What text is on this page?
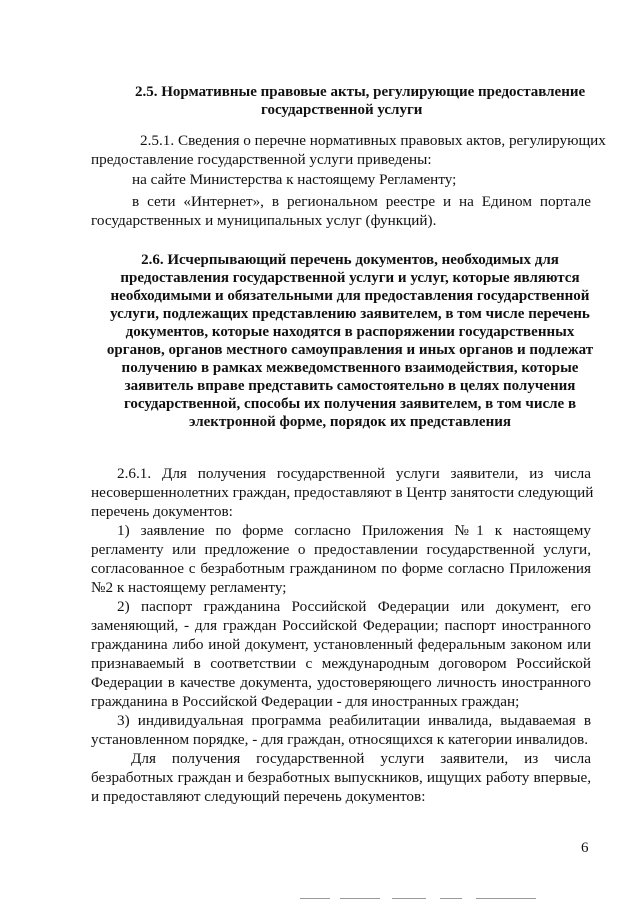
2.5. Нормативные правовые акты, регулирующие предоставление
государственной услуги
2.5.1. Сведения о перечне нормативных правовых актов, регулирующих
предоставление государственной услуги приведены:
на сайте Министерства к настоящему Регламенту;
в сети «Интернет», в региональном реестре и на Едином портале
государственных и муниципальных услуг (функций).
2.6. Исчерпывающий перечень документов, необходимых для
предоставления государственной услуги и услуг, которые являются
необходимыми и обязательными для предоставления государственной
услуги, подлежащих представлению заявителем, в том числе перечень
документов, которые находятся в распоряжении государственных
органов, органов местного самоуправления и иных органов и подлежат
получению в рамках межведомственного взаимодействия, которые
заявитель вправе представить самостоятельно в целях получения
государственной, способы их получения заявителем, в том числе в
электронной форме, порядок их представления
2.6.1. Для получения государственной услуги заявители, из числа
несовершеннолетних граждан, предоставляют в Центр занятости следующий
перечень документов:
1) заявление по форме согласно Приложения №1 к настоящему
регламенту или предложение о предоставлении государственной услуги,
согласованное с безработным гражданином по форме согласно Приложения
№2 к настоящему регламенту;
2) паспорт гражданина Российской Федерации или документ, его
заменяющий, - для граждан Российской Федерации; паспорт иностранного
гражданина либо иной документ, установленный федеральным законом или
признаваемый в соответствии с международным договором Российской
Федерации в качестве документа, удостоверяющего личность иностранного
гражданина в Российской Федерации - для иностранных граждан;
3) индивидуальная программа реабилитации инвалида, выдаваемая в
установленном порядке, - для граждан, относящихся к категории инвалидов.
Для получения государственной услуги заявители, из числа
безработных граждан и безработных выпускников, ищущих работу впервые,
и предоставляют следующий перечень документов:
6
